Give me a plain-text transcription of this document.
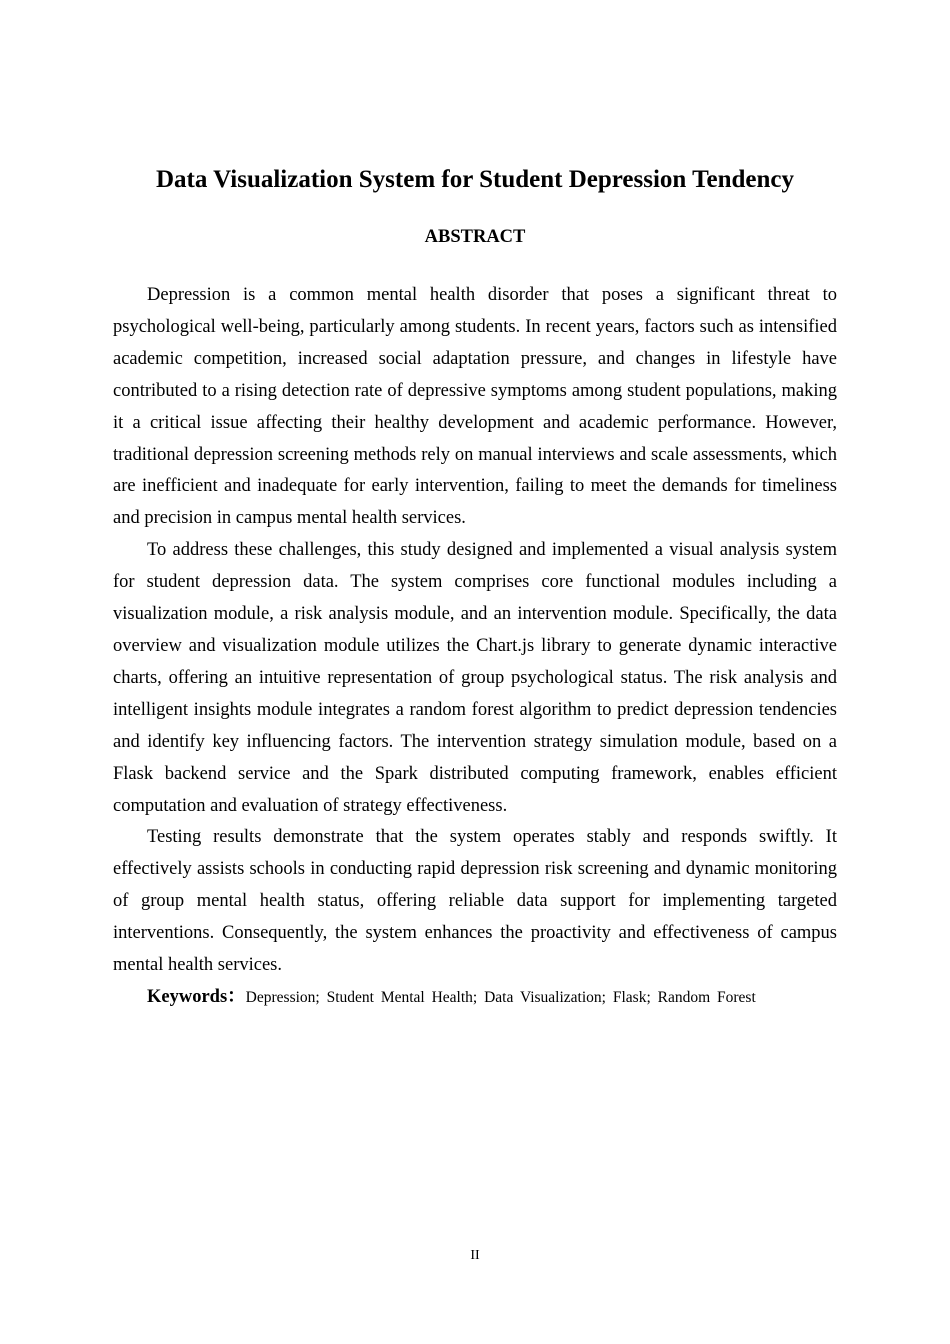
Data Visualization System for Student Depression Tendency
ABSTRACT

Depression is a common mental health disorder that poses a significant threat to psychological well-being, particularly among students. In recent years, factors such as intensified academic competition, increased social adaptation pressure, and changes in lifestyle have contributed to a rising detection rate of depressive symptoms among student populations, making it a critical issue affecting their healthy development and academic performance. However, traditional depression screening methods rely on manual interviews and scale assessments, which are inefficient and inadequate for early intervention, failing to meet the demands for timeliness and precision in campus mental health services.

To address these challenges, this study designed and implemented a visual analysis system for student depression data. The system comprises core functional modules including a visualization module, a risk analysis module, and an intervention module. Specifically, the data overview and visualization module utilizes the Chart.js library to generate dynamic interactive charts, offering an intuitive representation of group psychological status. The risk analysis and intelligent insights module integrates a random forest algorithm to predict depression tendencies and identify key influencing factors. The intervention strategy simulation module, based on a Flask backend service and the Spark distributed computing framework, enables efficient computation and evaluation of strategy effectiveness.

Testing results demonstrate that the system operates stably and responds swiftly. It effectively assists schools in conducting rapid depression risk screening and dynamic monitoring of group mental health status, offering reliable data support for implementing targeted interventions. Consequently, the system enhances the proactivity and effectiveness of campus mental health services.

Keywords：Depression; Student Mental Health; Data Visualization; Flask; Random Forest

II
